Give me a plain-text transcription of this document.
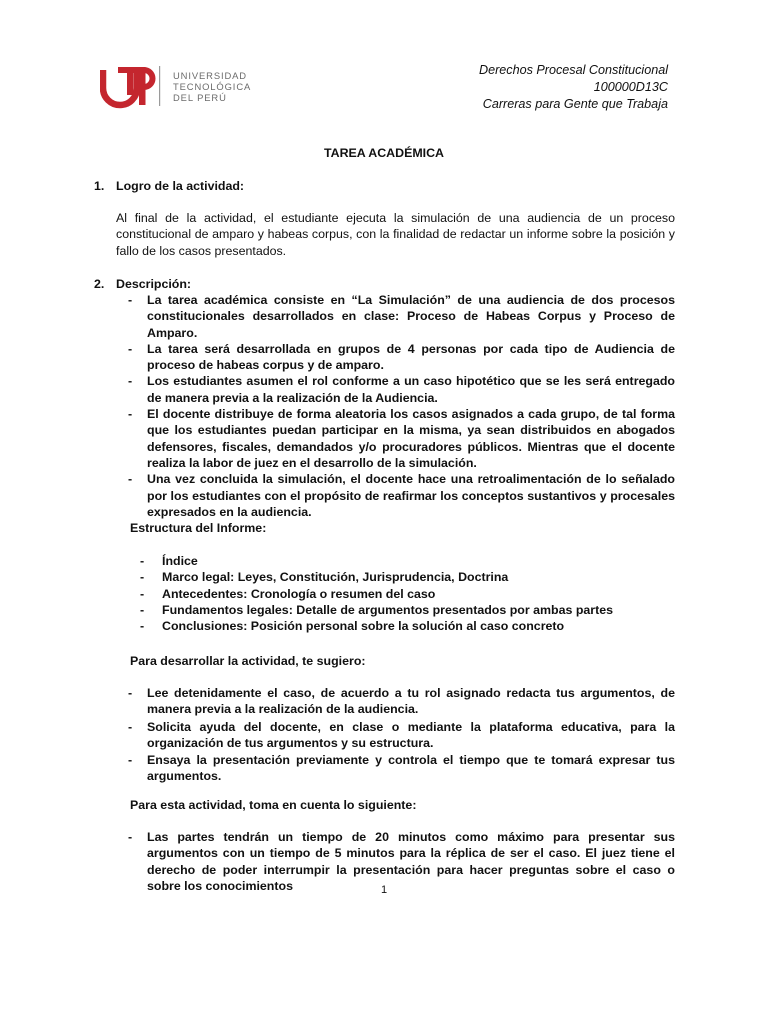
UNIVERSIDAD
TECNOLÓGICA
DEL PERÚ
Derechos Procesal Constitucional
100000D13C
Carreras para Gente que Trabaja
TAREA ACADÉMICA
1. Logro de la actividad:
Al final de la actividad, el estudiante ejecuta la simulación de una audiencia de un proceso constitucional de amparo y habeas corpus, con la finalidad de redactar un informe sobre la posición y fallo de los casos presentados.
2. Descripción:
- La tarea académica consiste en “La Simulación” de una audiencia de dos procesos constitucionales desarrollados en clase: Proceso de Habeas Corpus y Proceso de Amparo.
- La tarea será desarrollada en grupos de 4 personas por cada tipo de Audiencia de proceso de habeas corpus y de amparo.
- Los estudiantes asumen el rol conforme a un caso hipotético que se les será entregado de manera previa a la realización de la Audiencia.
- El docente distribuye de forma aleatoria los casos asignados a cada grupo, de tal forma que los estudiantes puedan participar en la misma, ya sean distribuidos en abogados defensores, fiscales, demandados y/o procuradores públicos. Mientras que el docente realiza la labor de juez en el desarrollo de la simulación.
- Una vez concluida la simulación, el docente hace una retroalimentación de lo señalado por los estudiantes con el propósito de reafirmar los conceptos sustantivos y procesales expresados en la audiencia.
Estructura del Informe:
- Índice
- Marco legal: Leyes, Constitución, Jurisprudencia, Doctrina
- Antecedentes: Cronología o resumen del caso
- Fundamentos legales: Detalle de argumentos presentados por ambas partes
- Conclusiones: Posición personal sobre la solución al caso concreto
Para desarrollar la actividad, te sugiero:
- Lee detenidamente el caso, de acuerdo a tu rol asignado redacta tus argumentos, de manera previa a la realización de la audiencia.
- Solicita ayuda del docente, en clase o mediante la plataforma educativa, para la organización de tus argumentos y su estructura.
- Ensaya la presentación previamente y controla el tiempo que te tomará expresar tus argumentos.
Para esta actividad, toma en cuenta lo siguiente:
- Las partes tendrán un tiempo de 20 minutos como máximo para presentar sus argumentos con un tiempo de 5 minutos para la réplica de ser el caso. El juez tiene el derecho de poder interrumpir la presentación para hacer preguntas sobre el caso o sobre los conocimientos	1
